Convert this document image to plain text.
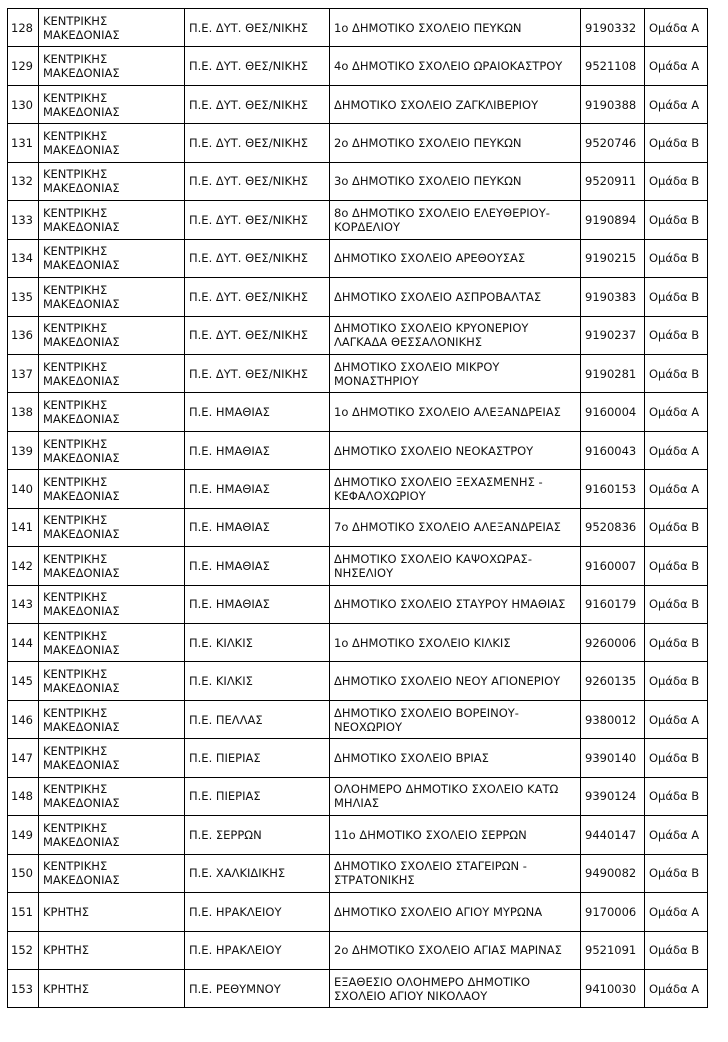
128	ΚΕΝΤΡΙΚΗΣ ΜΑΚΕΔΟΝΙΑΣ	Π.Ε. ΔΥΤ. ΘΕΣ/ΝΙΚΗΣ	1ο ΔΗΜΟΤΙΚΟ ΣΧΟΛΕΙΟ ΠΕΥΚΩΝ	9190332	Ομάδα A
129	ΚΕΝΤΡΙΚΗΣ ΜΑΚΕΔΟΝΙΑΣ	Π.Ε. ΔΥΤ. ΘΕΣ/ΝΙΚΗΣ	4ο ΔΗΜΟΤΙΚΟ ΣΧΟΛΕΙΟ ΩΡΑΙΟΚΑΣΤΡΟΥ	9521108	Ομάδα A
130	ΚΕΝΤΡΙΚΗΣ ΜΑΚΕΔΟΝΙΑΣ	Π.Ε. ΔΥΤ. ΘΕΣ/ΝΙΚΗΣ	ΔΗΜΟΤΙΚΟ ΣΧΟΛΕΙΟ ΖΑΓΚΛΙΒΕΡΙΟΥ	9190388	Ομάδα A
131	ΚΕΝΤΡΙΚΗΣ ΜΑΚΕΔΟΝΙΑΣ	Π.Ε. ΔΥΤ. ΘΕΣ/ΝΙΚΗΣ	2ο ΔΗΜΟΤΙΚΟ ΣΧΟΛΕΙΟ ΠΕΥΚΩΝ	9520746	Ομάδα B
132	ΚΕΝΤΡΙΚΗΣ ΜΑΚΕΔΟΝΙΑΣ	Π.Ε. ΔΥΤ. ΘΕΣ/ΝΙΚΗΣ	3ο ΔΗΜΟΤΙΚΟ ΣΧΟΛΕΙΟ ΠΕΥΚΩΝ	9520911	Ομάδα B
133	ΚΕΝΤΡΙΚΗΣ ΜΑΚΕΔΟΝΙΑΣ	Π.Ε. ΔΥΤ. ΘΕΣ/ΝΙΚΗΣ	8ο ΔΗΜΟΤΙΚΟ ΣΧΟΛΕΙΟ ΕΛΕΥΘΕΡΙΟΥ-ΚΟΡΔΕΛΙΟΥ	9190894	Ομάδα B
134	ΚΕΝΤΡΙΚΗΣ ΜΑΚΕΔΟΝΙΑΣ	Π.Ε. ΔΥΤ. ΘΕΣ/ΝΙΚΗΣ	ΔΗΜΟΤΙΚΟ ΣΧΟΛΕΙΟ ΑΡΕΘΟΥΣΑΣ	9190215	Ομάδα B
135	ΚΕΝΤΡΙΚΗΣ ΜΑΚΕΔΟΝΙΑΣ	Π.Ε. ΔΥΤ. ΘΕΣ/ΝΙΚΗΣ	ΔΗΜΟΤΙΚΟ ΣΧΟΛΕΙΟ ΑΣΠΡΟΒΑΛΤΑΣ	9190383	Ομάδα B
136	ΚΕΝΤΡΙΚΗΣ ΜΑΚΕΔΟΝΙΑΣ	Π.Ε. ΔΥΤ. ΘΕΣ/ΝΙΚΗΣ	ΔΗΜΟΤΙΚΟ ΣΧΟΛΕΙΟ ΚΡΥΟΝΕΡΙΟΥ ΛΑΓΚΑΔΑ ΘΕΣΣΑΛΟΝΙΚΗΣ	9190237	Ομάδα B
137	ΚΕΝΤΡΙΚΗΣ ΜΑΚΕΔΟΝΙΑΣ	Π.Ε. ΔΥΤ. ΘΕΣ/ΝΙΚΗΣ	ΔΗΜΟΤΙΚΟ ΣΧΟΛΕΙΟ ΜΙΚΡΟΥ ΜΟΝΑΣΤΗΡΙΟΥ	9190281	Ομάδα B
138	ΚΕΝΤΡΙΚΗΣ ΜΑΚΕΔΟΝΙΑΣ	Π.Ε. ΗΜΑΘΙΑΣ	1ο ΔΗΜΟΤΙΚΟ ΣΧΟΛΕΙΟ ΑΛΕΞΑΝΔΡΕΙΑΣ	9160004	Ομάδα A
139	ΚΕΝΤΡΙΚΗΣ ΜΑΚΕΔΟΝΙΑΣ	Π.Ε. ΗΜΑΘΙΑΣ	ΔΗΜΟΤΙΚΟ ΣΧΟΛΕΙΟ ΝΕΟΚΑΣΤΡΟΥ	9160043	Ομάδα A
140	ΚΕΝΤΡΙΚΗΣ ΜΑΚΕΔΟΝΙΑΣ	Π.Ε. ΗΜΑΘΙΑΣ	ΔΗΜΟΤΙΚΟ ΣΧΟΛΕΙΟ ΞΕΧΑΣΜΕΝΗΣ - ΚΕΦΑΛΟΧΩΡΙΟΥ	9160153	Ομάδα A
141	ΚΕΝΤΡΙΚΗΣ ΜΑΚΕΔΟΝΙΑΣ	Π.Ε. ΗΜΑΘΙΑΣ	7ο ΔΗΜΟΤΙΚΟ ΣΧΟΛΕΙΟ ΑΛΕΞΑΝΔΡΕΙΑΣ	9520836	Ομάδα B
142	ΚΕΝΤΡΙΚΗΣ ΜΑΚΕΔΟΝΙΑΣ	Π.Ε. ΗΜΑΘΙΑΣ	ΔΗΜΟΤΙΚΟ ΣΧΟΛΕΙΟ ΚΑΨΟΧΩΡΑΣ-ΝΗΣΕΛΙΟΥ	9160007	Ομάδα B
143	ΚΕΝΤΡΙΚΗΣ ΜΑΚΕΔΟΝΙΑΣ	Π.Ε. ΗΜΑΘΙΑΣ	ΔΗΜΟΤΙΚΟ ΣΧΟΛΕΙΟ ΣΤΑΥΡΟΥ ΗΜΑΘΙΑΣ	9160179	Ομάδα B
144	ΚΕΝΤΡΙΚΗΣ ΜΑΚΕΔΟΝΙΑΣ	Π.Ε. ΚΙΛΚΙΣ	1ο ΔΗΜΟΤΙΚΟ ΣΧΟΛΕΙΟ ΚΙΛΚΙΣ	9260006	Ομάδα B
145	ΚΕΝΤΡΙΚΗΣ ΜΑΚΕΔΟΝΙΑΣ	Π.Ε. ΚΙΛΚΙΣ	ΔΗΜΟΤΙΚΟ ΣΧΟΛΕΙΟ ΝΕΟΥ ΑΓΙΟΝΕΡΙΟΥ	9260135	Ομάδα B
146	ΚΕΝΤΡΙΚΗΣ ΜΑΚΕΔΟΝΙΑΣ	Π.Ε. ΠΕΛΛΑΣ	ΔΗΜΟΤΙΚΟ ΣΧΟΛΕΙΟ ΒΟΡΕΙΝΟΥ-ΝΕΟΧΩΡΙΟΥ	9380012	Ομάδα A
147	ΚΕΝΤΡΙΚΗΣ ΜΑΚΕΔΟΝΙΑΣ	Π.Ε. ΠΙΕΡΙΑΣ	ΔΗΜΟΤΙΚΟ ΣΧΟΛΕΙΟ ΒΡΙΑΣ	9390140	Ομάδα B
148	ΚΕΝΤΡΙΚΗΣ ΜΑΚΕΔΟΝΙΑΣ	Π.Ε. ΠΙΕΡΙΑΣ	ΟΛΟΗΜΕΡΟ ΔΗΜΟΤΙΚΟ ΣΧΟΛΕΙΟ ΚΑΤΩ ΜΗΛΙΑΣ	9390124	Ομάδα B
149	ΚΕΝΤΡΙΚΗΣ ΜΑΚΕΔΟΝΙΑΣ	Π.Ε. ΣΕΡΡΩΝ	11ο ΔΗΜΟΤΙΚΟ ΣΧΟΛΕΙΟ ΣΕΡΡΩΝ	9440147	Ομάδα A
150	ΚΕΝΤΡΙΚΗΣ ΜΑΚΕΔΟΝΙΑΣ	Π.Ε. ΧΑΛΚΙΔΙΚΗΣ	ΔΗΜΟΤΙΚΟ ΣΧΟΛΕΙΟ ΣΤΑΓΕΙΡΩΝ - ΣΤΡΑΤΟΝΙΚΗΣ	9490082	Ομάδα B
151	ΚΡΗΤΗΣ	Π.Ε. ΗΡΑΚΛΕΙΟΥ	ΔΗΜΟΤΙΚΟ ΣΧΟΛΕΙΟ ΑΓΙΟΥ ΜΥΡΩΝΑ	9170006	Ομάδα A
152	ΚΡΗΤΗΣ	Π.Ε. ΗΡΑΚΛΕΙΟΥ	2ο ΔΗΜΟΤΙΚΟ ΣΧΟΛΕΙΟ ΑΓΙΑΣ ΜΑΡΙΝΑΣ	9521091	Ομάδα B
153	ΚΡΗΤΗΣ	Π.Ε. ΡΕΘΥΜΝΟΥ	ΕΞΑΘΕΣΙΟ ΟΛΟΗΜΕΡΟ ΔΗΜΟΤΙΚΟ ΣΧΟΛΕΙΟ ΑΓΙΟΥ ΝΙΚΟΛΑΟΥ	9410030	Ομάδα A
